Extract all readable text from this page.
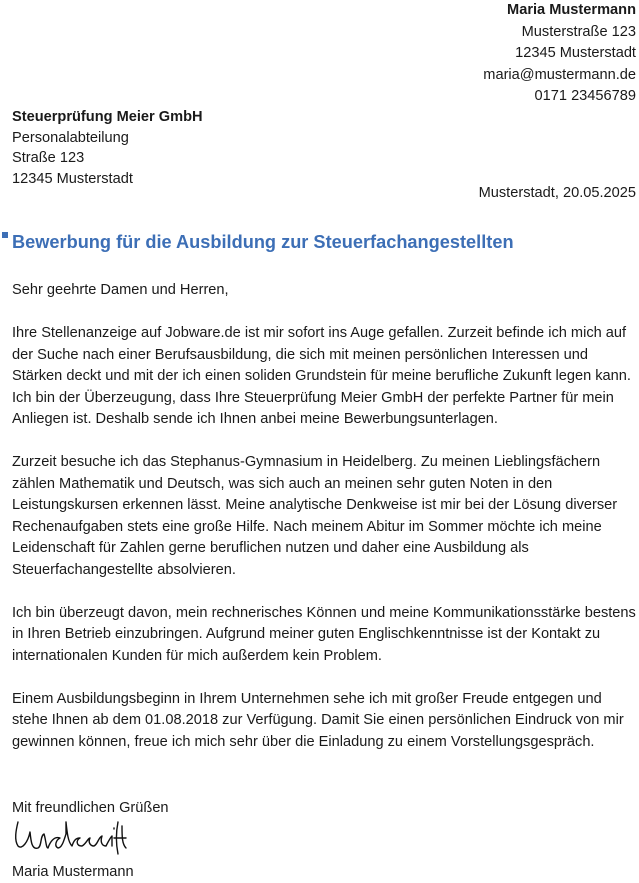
Maria Mustermann
Musterstraße 123
12345 Musterstadt
maria@mustermann.de
0171 23456789
Steuerprüfung Meier GmbH
Personalabteilung
Straße 123
12345 Musterstadt
Musterstadt, 20.05.2025
Bewerbung für die Ausbildung zur Steuerfachangestellten

Sehr geehrte Damen und Herren,

Ihre Stellenanzeige auf Jobware.de ist mir sofort ins Auge gefallen. Zurzeit befinde ich mich auf der Suche nach einer Berufsausbildung, die sich mit meinen persönlichen Interessen und Stärken deckt und mit der ich einen soliden Grundstein für meine berufliche Zukunft legen kann. Ich bin der Überzeugung, dass Ihre Steuerprüfung Meier GmbH der perfekte Partner für mein Anliegen ist. Deshalb sende ich Ihnen anbei meine Bewerbungsunterlagen.

Zurzeit besuche ich das Stephanus-Gymnasium in Heidelberg. Zu meinen Lieblingsfächern zählen Mathematik und Deutsch, was sich auch an meinen sehr guten Noten in den Leistungskursen erkennen lässt. Meine analytische Denkweise ist mir bei der Lösung diverser Rechenaufgaben stets eine große Hilfe. Nach meinem Abitur im Sommer möchte ich meine Leidenschaft für Zahlen gerne beruflichen nutzen und daher eine Ausbildung als Steuerfachangestellte absolvieren.

Ich bin überzeugt davon, mein rechnerisches Können und meine Kommunikationsstärke bestens in Ihren Betrieb einzubringen. Aufgrund meiner guten Englischkenntnisse ist der Kontakt zu internationalen Kunden für mich außerdem kein Problem.

Einem Ausbildungsbeginn in Ihrem Unternehmen sehe ich mit großer Freude entgegen und stehe Ihnen ab dem 01.08.2018 zur Verfügung. Damit Sie einen persönlichen Eindruck von mir gewinnen können, freue ich mich sehr über die Einladung zu einem Vorstellungsgespräch.

Mit freundlichen Grüßen
Maria Mustermann
